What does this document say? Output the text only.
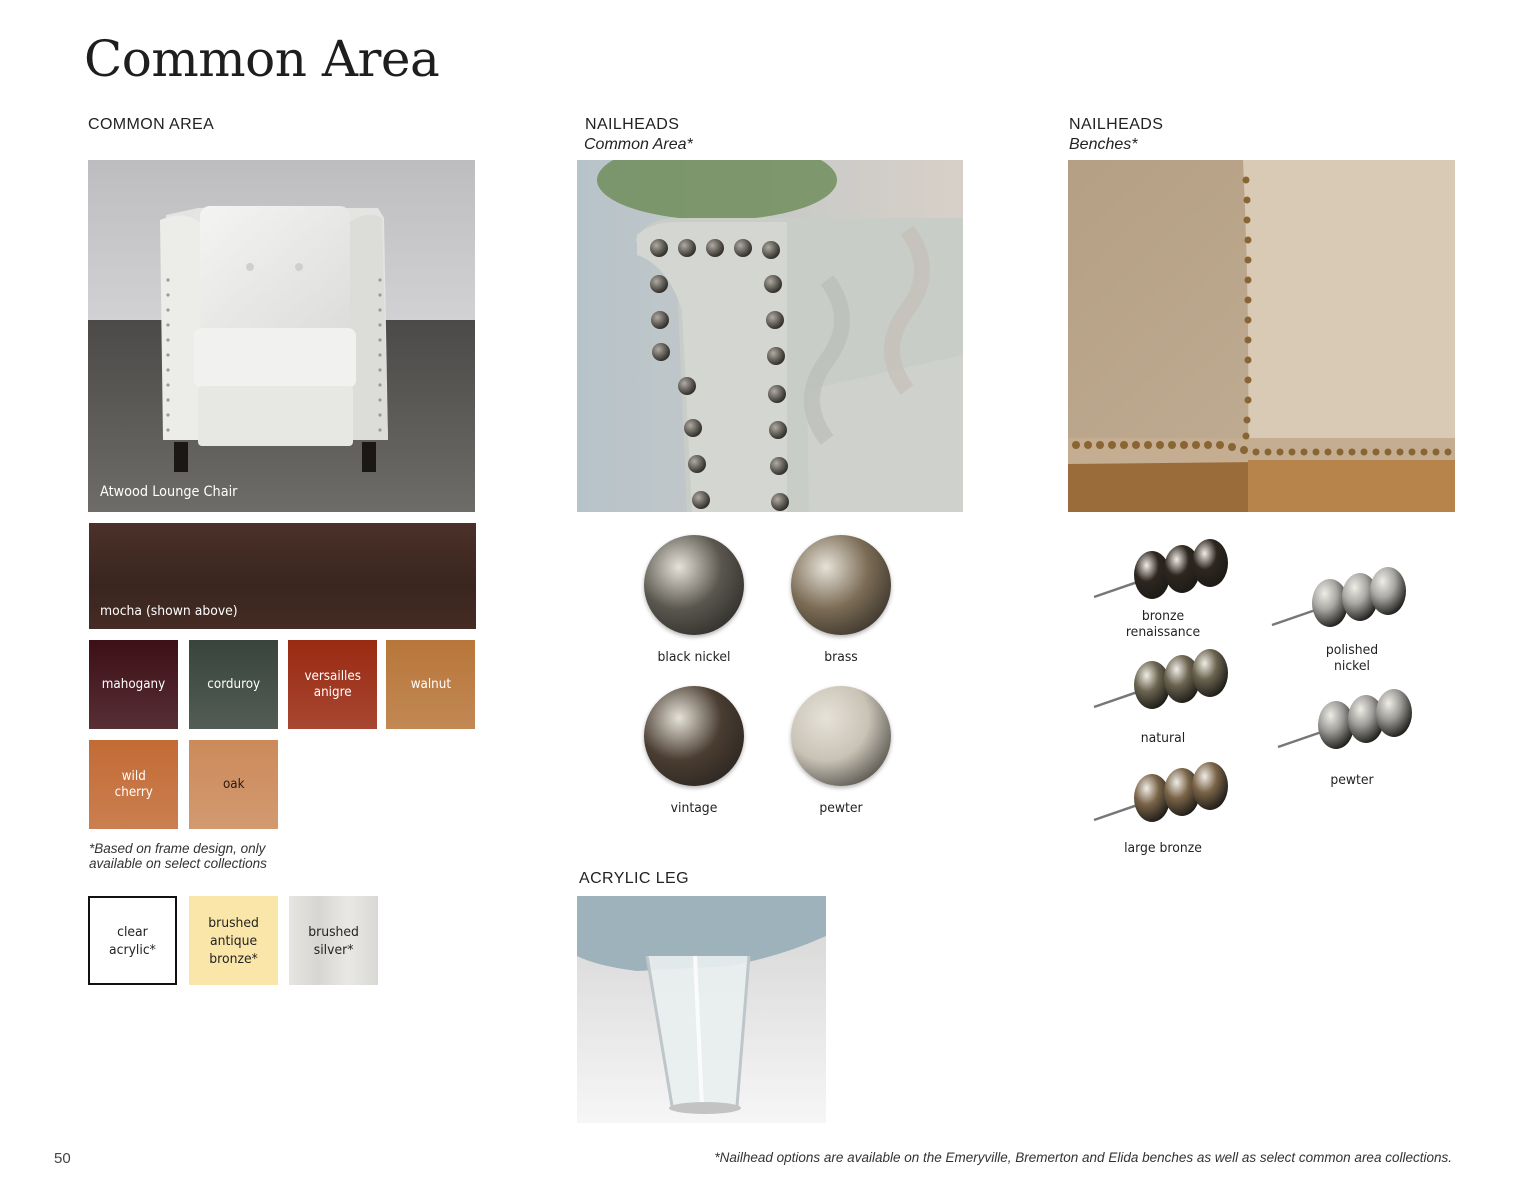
Common Area
COMMON AREA
Atwood Lounge Chair
mocha (shown above)
mahogany	corduroy
versailles
anigre
walnut
wild
cherry
oak
*Based on frame design, only
available on select collections
clear
acrylic*
brushed
antique
bronze*
brushed
silver*
NAILHEADS
Common Area*
black nickel	brass
vintage	pewter
ACRYLIC LEG
NAILHEADS
Benches*
bronze
renaissance
natural
large bronze
polished
nickel
pewter
50	*Nailhead options are available on the Emeryville, Bremerton and Elida benches as well as select common area collections.
